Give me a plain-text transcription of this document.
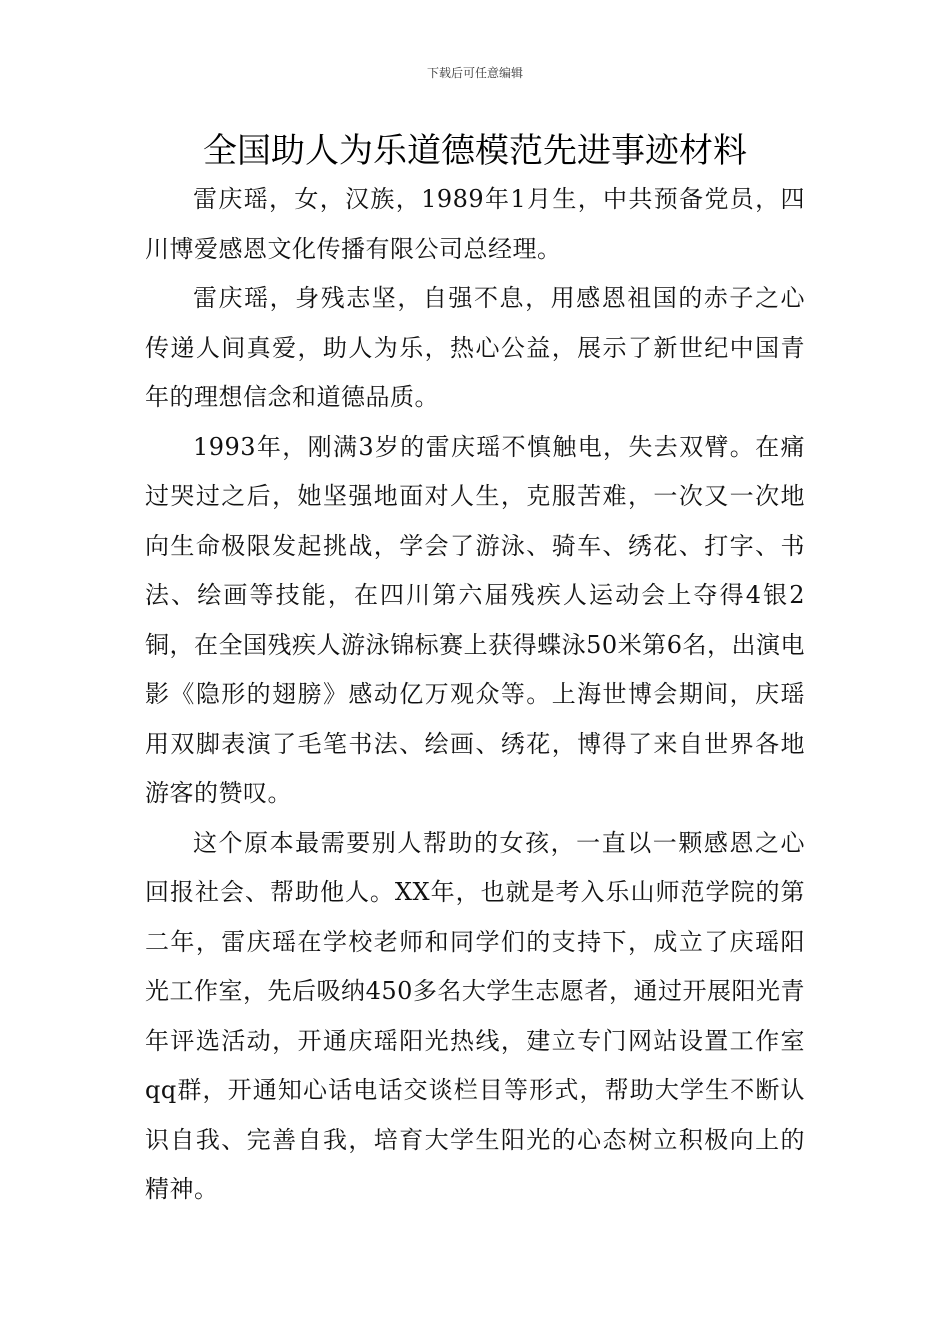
下载后可任意编辑
全国助人为乐道德模范先进事迹材料

雷庆瑶，女，汉族，1989年1月生，中共预备党员，四川博爱感恩文化传播有限公司总经理。

雷庆瑶，身残志坚，自强不息，用感恩祖国的赤子之心传递人间真爱，助人为乐，热心公益，展示了新世纪中国青年的理想信念和道德品质。

1993年，刚满3岁的雷庆瑶不慎触电，失去双臂。在痛过哭过之后，她坚强地面对人生，克服苦难，一次又一次地向生命极限发起挑战，学会了游泳、骑车、绣花、打字、书法、绘画等技能，在四川第六届残疾人运动会上夺得4银2铜，在全国残疾人游泳锦标赛上获得蝶泳50米第6名，出演电影《隐形的翅膀》感动亿万观众等。上海世博会期间，庆瑶用双脚表演了毛笔书法、绘画、绣花，博得了来自世界各地游客的赞叹。

这个原本最需要别人帮助的女孩，一直以一颗感恩之心回报社会、帮助他人。XX年，也就是考入乐山师范学院的第二年，雷庆瑶在学校老师和同学们的支持下，成立了庆瑶阳光工作室，先后吸纳450多名大学生志愿者，通过开展阳光青年评选活动，开通庆瑶阳光热线，建立专门网站设置工作室qq群，开通知心话电话交谈栏目等形式，帮助大学生不断认识自我、完善自我，培育大学生阳光的心态树立积极向上的精神。
